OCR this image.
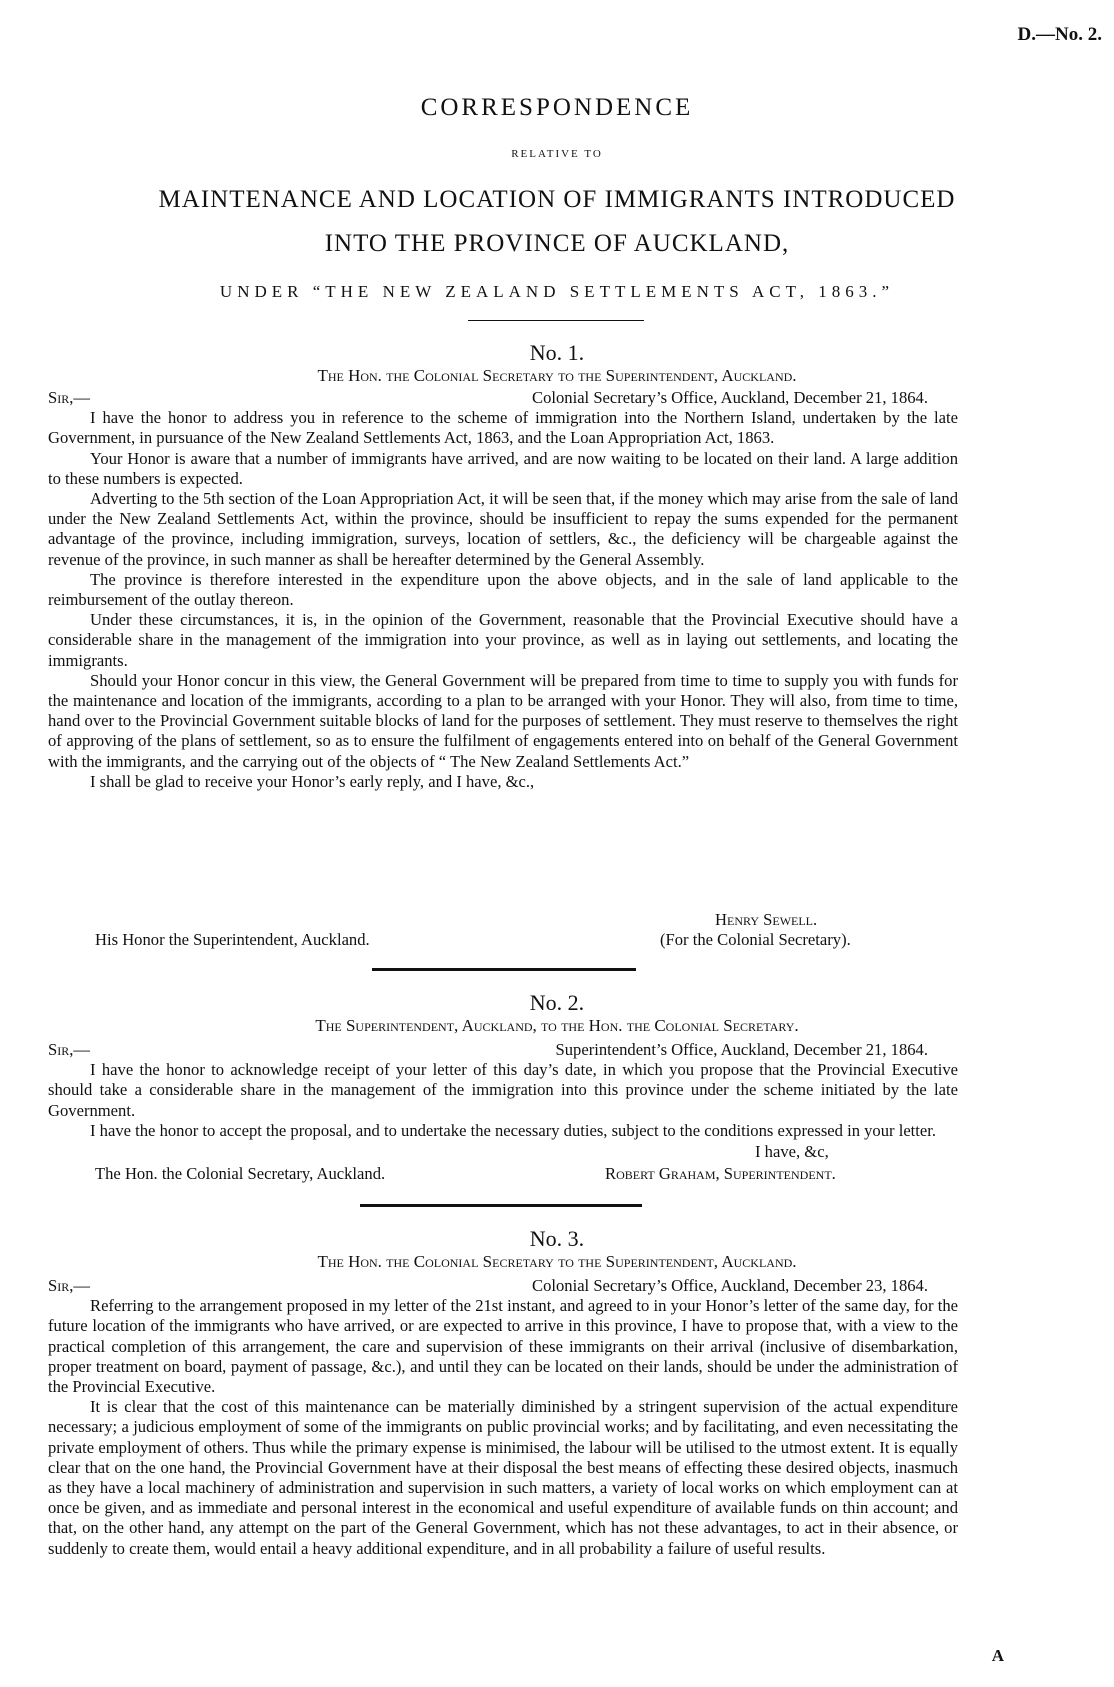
D.—No. 2.
CORRESPONDENCE
RELATIVE TO
MAINTENANCE AND LOCATION OF IMMIGRANTS INTRODUCED
INTO THE PROVINCE OF AUCKLAND,
UNDER “THE NEW ZEALAND SETTLEMENTS ACT, 1863.”
No. 1.
The Hon. the Colonial Secretary to the Superintendent, Auckland.
Sir,—	Colonial Secretary’s Office, Auckland, December 21, 1864.

I have the honor to address you in reference to the scheme of immigration into the Northern Island, undertaken by the late Government, in pursuance of the New Zealand Settlements Act, 1863, and the Loan Appropriation Act, 1863.

Your Honor is aware that a number of immigrants have arrived, and are now waiting to be located on their land. A large addition to these numbers is expected.

Adverting to the 5th section of the Loan Appropriation Act, it will be seen that, if the money which may arise from the sale of land under the New Zealand Settlements Act, within the province, should be insufficient to repay the sums expended for the permanent advantage of the province, including immigration, surveys, location of settlers, &c., the deficiency will be chargeable against the revenue of the province, in such manner as shall be hereafter determined by the General Assembly.

The province is therefore interested in the expenditure upon the above objects, and in the sale of land applicable to the reimbursement of the outlay thereon.

Under these circumstances, it is, in the opinion of the Government, reasonable that the Provincial Executive should have a considerable share in the management of the immigration into your province, as well as in laying out settlements, and locating the immigrants.

Should your Honor concur in this view, the General Government will be prepared from time to time to supply you with funds for the maintenance and location of the immigrants, according to a plan to be arranged with your Honor. They will also, from time to time, hand over to the Provincial Government suitable blocks of land for the purposes of settlement. They must reserve to themselves the right of approving of the plans of settlement, so as to ensure the fulfilment of engagements entered into on behalf of the General Government with the immigrants, and the carrying out of the objects of “ The New Zealand Settlements Act.”

I shall be glad to receive your Honor’s early reply, and I have, &c.,

Henry Sewell.
His Honor the Superintendent, Auckland.	(For the Colonial Secretary).
No. 2.
The Superintendent, Auckland, to the Hon. the Colonial Secretary.
Sir,—	Superintendent’s Office, Auckland, December 21, 1864.

I have the honor to acknowledge receipt of your letter of this day’s date, in which you propose that the Provincial Executive should take a considerable share in the management of the immigration into this province under the scheme initiated by the late Government.

I have the honor to accept the proposal, and to undertake the necessary duties, subject to the conditions expressed in your letter.

I have, &c,
The Hon. the Colonial Secretary, Auckland.	Robert Graham, Superintendent.
No. 3.
The Hon. the Colonial Secretary to the Superintendent, Auckland.
Sir,—	Colonial Secretary’s Office, Auckland, December 23, 1864.

Referring to the arrangement proposed in my letter of the 21st instant, and agreed to in your Honor’s letter of the same day, for the future location of the immigrants who have arrived, or are expected to arrive in this province, I have to propose that, with a view to the practical completion of this arrangement, the care and supervision of these immigrants on their arrival (inclusive of disembarkation, proper treatment on board, payment of passage, &c.), and until they can be located on their lands, should be under the administration of the Provincial Executive.

It is clear that the cost of this maintenance can be materially diminished by a stringent supervision of the actual expenditure necessary; a judicious employment of some of the immigrants on public provincial works; and by facilitating, and even necessitating the private employment of others. Thus while the primary expense is minimised, the labour will be utilised to the utmost extent. It is equally clear that on the one hand, the Provincial Government have at their disposal the best means of effecting these desired objects, inasmuch as they have a local machinery of administration and supervision in such matters, a variety of local works on which employment can at once be given, and as immediate and personal interest in the economical and useful expenditure of available funds on thin account; and that, on the other hand, any attempt on the part of the General Government, which has not these advantages, to act in their absence, or suddenly to create them, would entail a heavy additional expenditure, and in all probability a failure of useful results.

A
